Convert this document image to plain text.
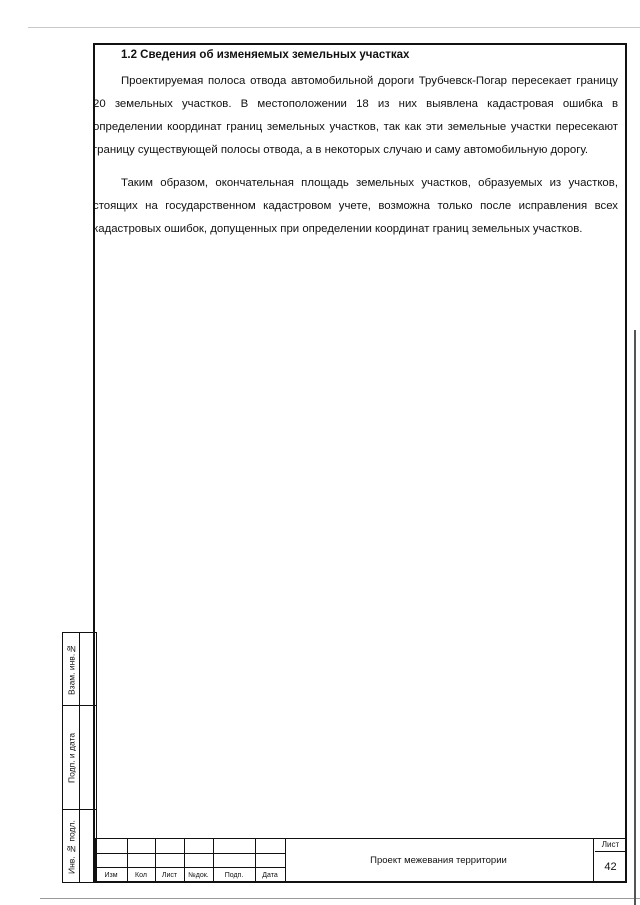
1.2 Сведения об изменяемых земельных участках

Проектируемая полоса отвода автомобильной дороги Трубчевск-Погар пересекает границу 20 земельных участков. В местоположении 18 из них выявлена кадастровая ошибка в определении координат границ земельных участков, так как эти земельные участки пересекают границу существующей полосы отвода, а в некоторых случаю и саму автомобильную дорогу.

Таким образом, окончательная площадь земельных участков, образуемых из участков, стоящих на государственном кадастровом учете, возможна только после исправления всех кадастровых ошибок, допущенных при определении координат границ земельных участков.

Взам. инв.№
Подп. и дата
Инв. № подл.
Изм	Кол	Лист	№док.	Подп.	Дата
Проект межевания территории
Лист
42
